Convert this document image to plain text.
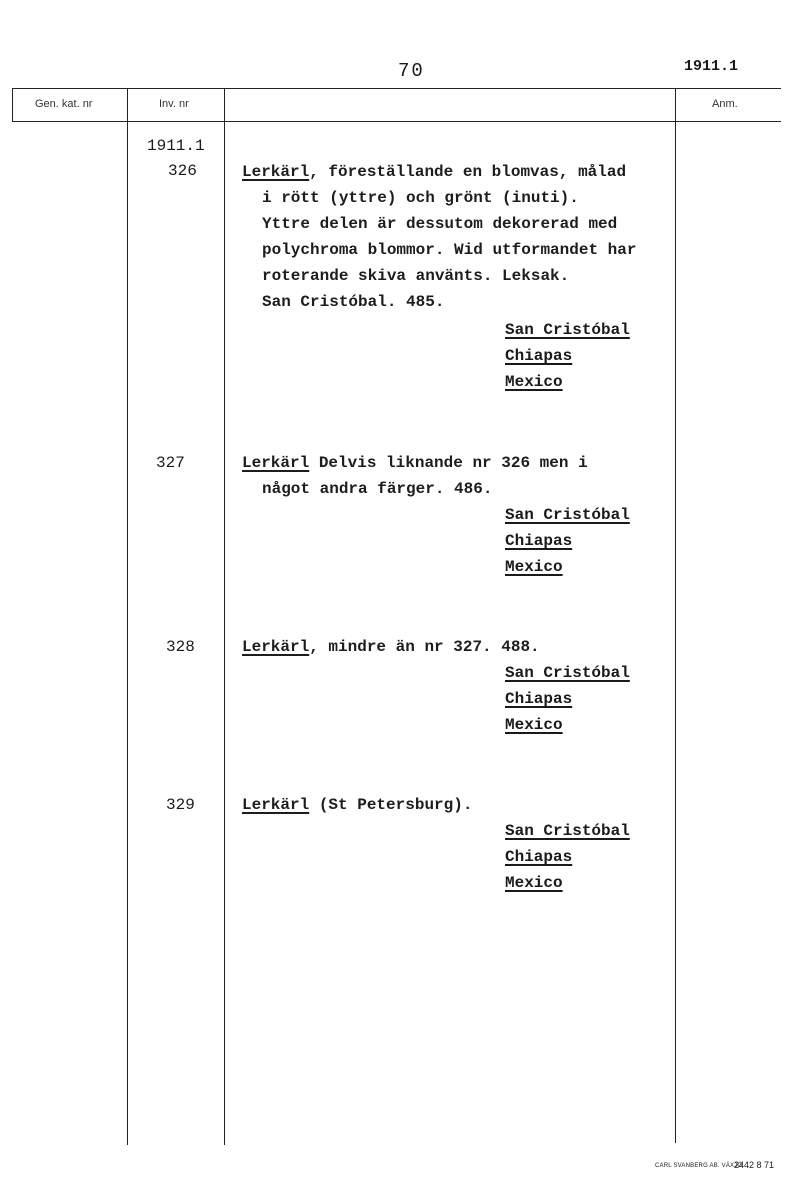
70	1911.1
Gen. kat. nr	Inv. nr	Anm.
1911.1
326	Lerkärl, föreställande en blomvas, målad
i rött (yttre) och grönt (inuti).
Yttre delen är dessutom dekorerad med
polychroma blommor. Wid utformandet har
roterande skiva använts. Leksak.
San Cristóbal. 485.
San Cristóbal
Chiapas
Mexico
327	Lerkärl Delvis liknande nr 326 men i
något andra färger. 486.
San Cristóbal
Chiapas
Mexico
328	Lerkärl, mindre än nr 327. 488.
San Cristóbal
Chiapas
Mexico
329	Lerkärl (St Petersburg).
San Cristóbal
Chiapas
Mexico
CARL SVANBERG AB. VÄXJÖ
2442 8 71
